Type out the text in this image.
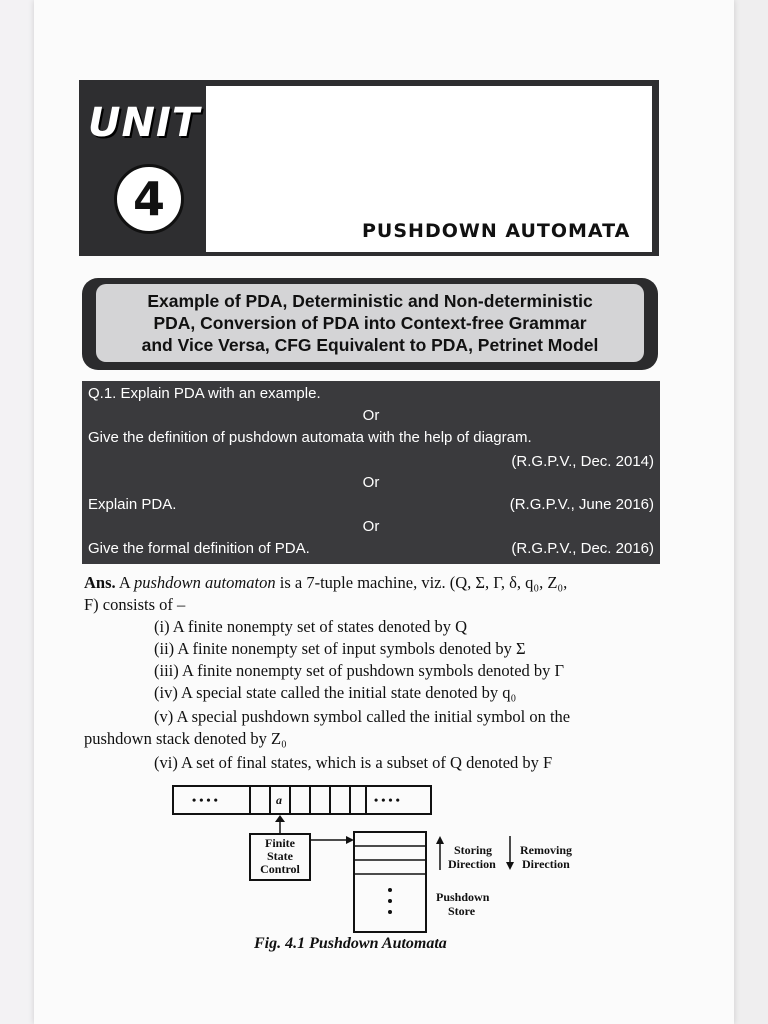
UNIT
4
PUSHDOWN AUTOMATA
Example of PDA, Deterministic and Non-deterministic
PDA, Conversion of PDA into Context-free Grammar
and Vice Versa, CFG Equivalent to PDA, Petrinet Model
Q.1. Explain PDA with an example.
Or
Give the definition of pushdown automata with the help of diagram.
(R.G.P.V., Dec. 2014)
Or
Explain PDA.	(R.G.P.V., June 2016)
Or
Give the formal definition of PDA.	(R.G.P.V., Dec. 2016)

Ans. A pushdown automaton is a 7-tuple machine, viz. (Q, Σ, Γ, δ, q₀, Z₀,

F) consists of –

(i) A finite nonempty set of states denoted by Q
(ii) A finite nonempty set of input symbols denoted by Σ
(iii) A finite nonempty set of pushdown symbols denoted by Γ
(iv) A special state called the initial state denoted by q₀
(v) A special pushdown symbol called the initial symbol on the
pushdown stack denoted by Z₀
(vi) A set of final states, which is a subset of Q denoted by F
• • • •	a	• • • •
Finite
State
Control
Storing
Direction
Removing
Direction
Pushdown
Store
Fig. 4.1 Pushdown Automata
